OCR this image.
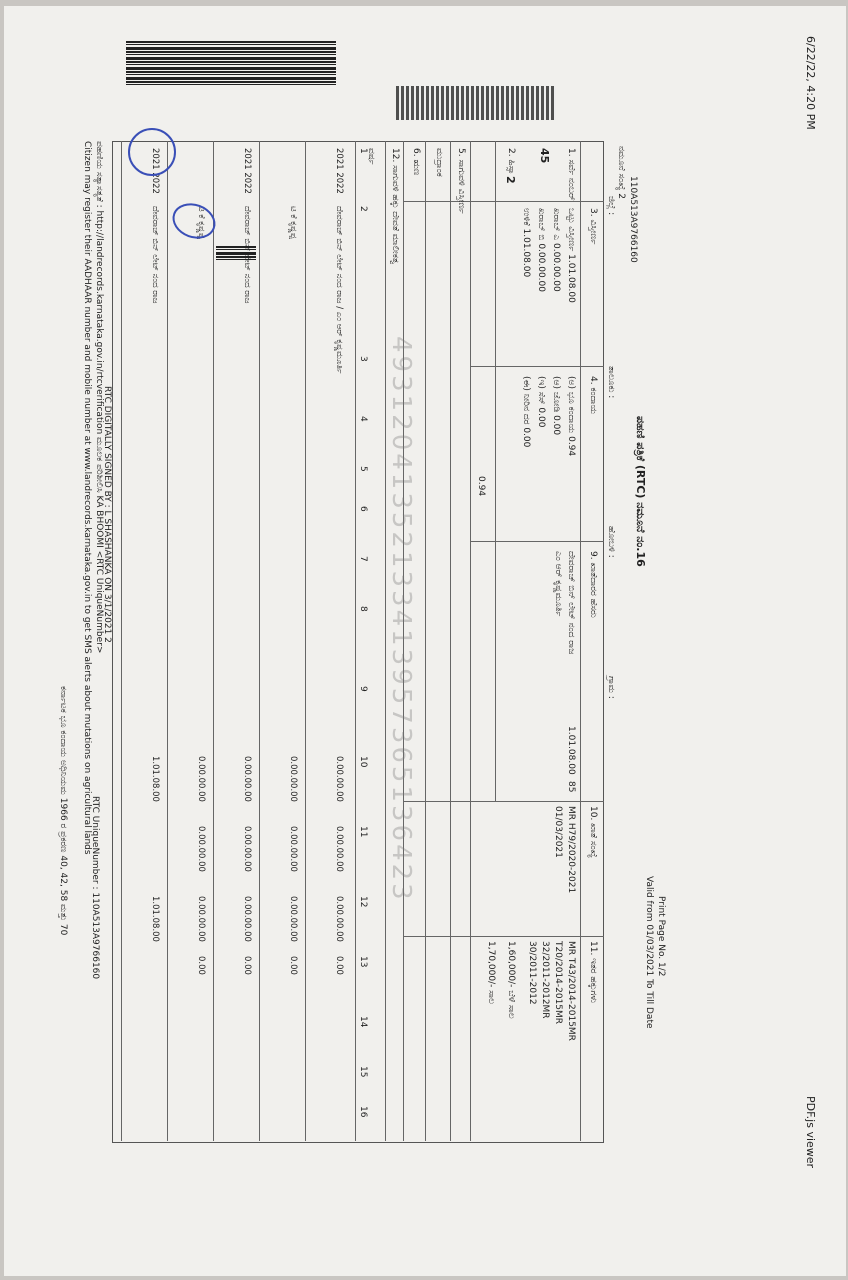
6/22/22, 4:20 PM
PDF.js viewer
ಪಹಣಿ ಪತ್ರಿಕೆ (RTC) ನಮೂನೆ ನಂ.16
Print Page No. 1/2
Valid from 01/03/2021 To Till Date
ನಮೂನೆ ಸಂಖ್ಯೆ 2
110A513A9766160
ಜಿಲ್ಲೆ :
ತಾಲೂಕು :
ಹೋಬಳಿ :
ಗ್ರಾಮ :
1. ಸರ್ವೆ ನಂಬರ್
45
2. ಹಿಸ್ಸಾ
2
3. ವಿಸ್ತೀರ್ಣ
ಒಟ್ಟು ವಿಸ್ತೀರ್ಣ 1.01.08.00
ಖರಾಬ್ ಎ 0.00.00.00
ಖರಾಬ್ ಬಿ 0.00.00.00
ಉಳಿಕೆ 1.01.08.00
4. ಕಂದಾಯ
(ಅ) ಭೂ ಕಂದಾಯ 0.94
(ಆ) ಜೋಡಿ 0.00
(ಇ) ಸೆಸ್ 0.00
(ಈ) ನೀರಿನ ದರ 0.00
0.94
5. ಸಾಗುವಳಿ ವಿಸ್ತೀರ್ಣ
6. ಋಣ ಮುದ್ರಾಂಕ
9. ಖಾತೆದಾರರ ಹೆಸರು
ದೇವರಾಜ್ ಬಿನ್ ಲೇಟ್ ನಂದ ರಾಜ
ಎಂ ಆರ್ ಕೃಷ್ಣಮೂರ್ತಿ
1.01.08.00
85
10. ಖಾತೆ ಸಂಖ್ಯೆ
MR H79/2020-2021
01/03/2021
11. ಇತರ ಹಕ್ಕುಗಳು
MR T43/2014-2015MR
T20/2014-2015MR
32/2011-2012MR
30/2011-2012
1,60,000/- ಬೆಳೆ ಸಾಲ
1,70,000/- ಸಾಲ
12. ಸಾಗುವಳಿ ಹಕ್ಕು ದೇವತೆ ಮಾಲೀಕತ್ವ
ವರ್ಷ
1
2
3
4
5
6
7
8
9
10
11
12
13
14
15
16
2021 2022
ದೇವರಾಜ್ ಬಿನ್ ಲೇಟ್ ನಂದ ರಾಜ / ಎಂ ಆರ್ ಕೃಷ್ಣಮೂರ್ತಿ
0.00.00.00
0.00.00.00
0.00.00.00
0.00
ಟಿ ಕೆ ಕೃಷ್ಣಪ್ಪ
0.00.00.00
0.00.00.00
0.00.00.00
0.00
2021 2022
ದೇವರಾಜ್ ಬಿನ್ ಲೇಟ್ ನಂದ ರಾಜ
0.00.00.00
0.00.00.00
0.00.00.00
0.00
ಟಿ ಕೆ ಕೃಷ್ಣಪ್ಪ
0.00.00.00
0.00.00.00
0.00.00.00
0.00
2021 2022
ದೇವರಾಜ್ ಬಿನ್ ಲೇಟ್ ನಂದ ರಾಜ
1.01.08.00
1.01.08.00
49312041352133413957365136423
ಪಹಣಿಯ ಸತ್ಯಾಸತ್ಯತೆ : http://landrecords.karnataka.gov.in/rtcverification ಮೂಲಕ ಪರಿಶೀಲಿಸಿ KA BHOOMI <RTC UniqueNumber>
Citizen may register their AADHAAR number and mobile number at www.landrecords.karnataka.gov.in to get SMS alerts about mutations on agricultural lands
ಕರ್ನಾಟಕ ಭೂ ಕಂದಾಯ ಅಧಿನಿಯಮ 1966 ರ ಪ್ರಕರಣ 40, 42, 58 ಮತ್ತು 70
RTC DIGITALLY SIGNED BY : L SHASHANKA ON 3/1/2021 2
RTC UniqueNumber : 110A513A9766160
